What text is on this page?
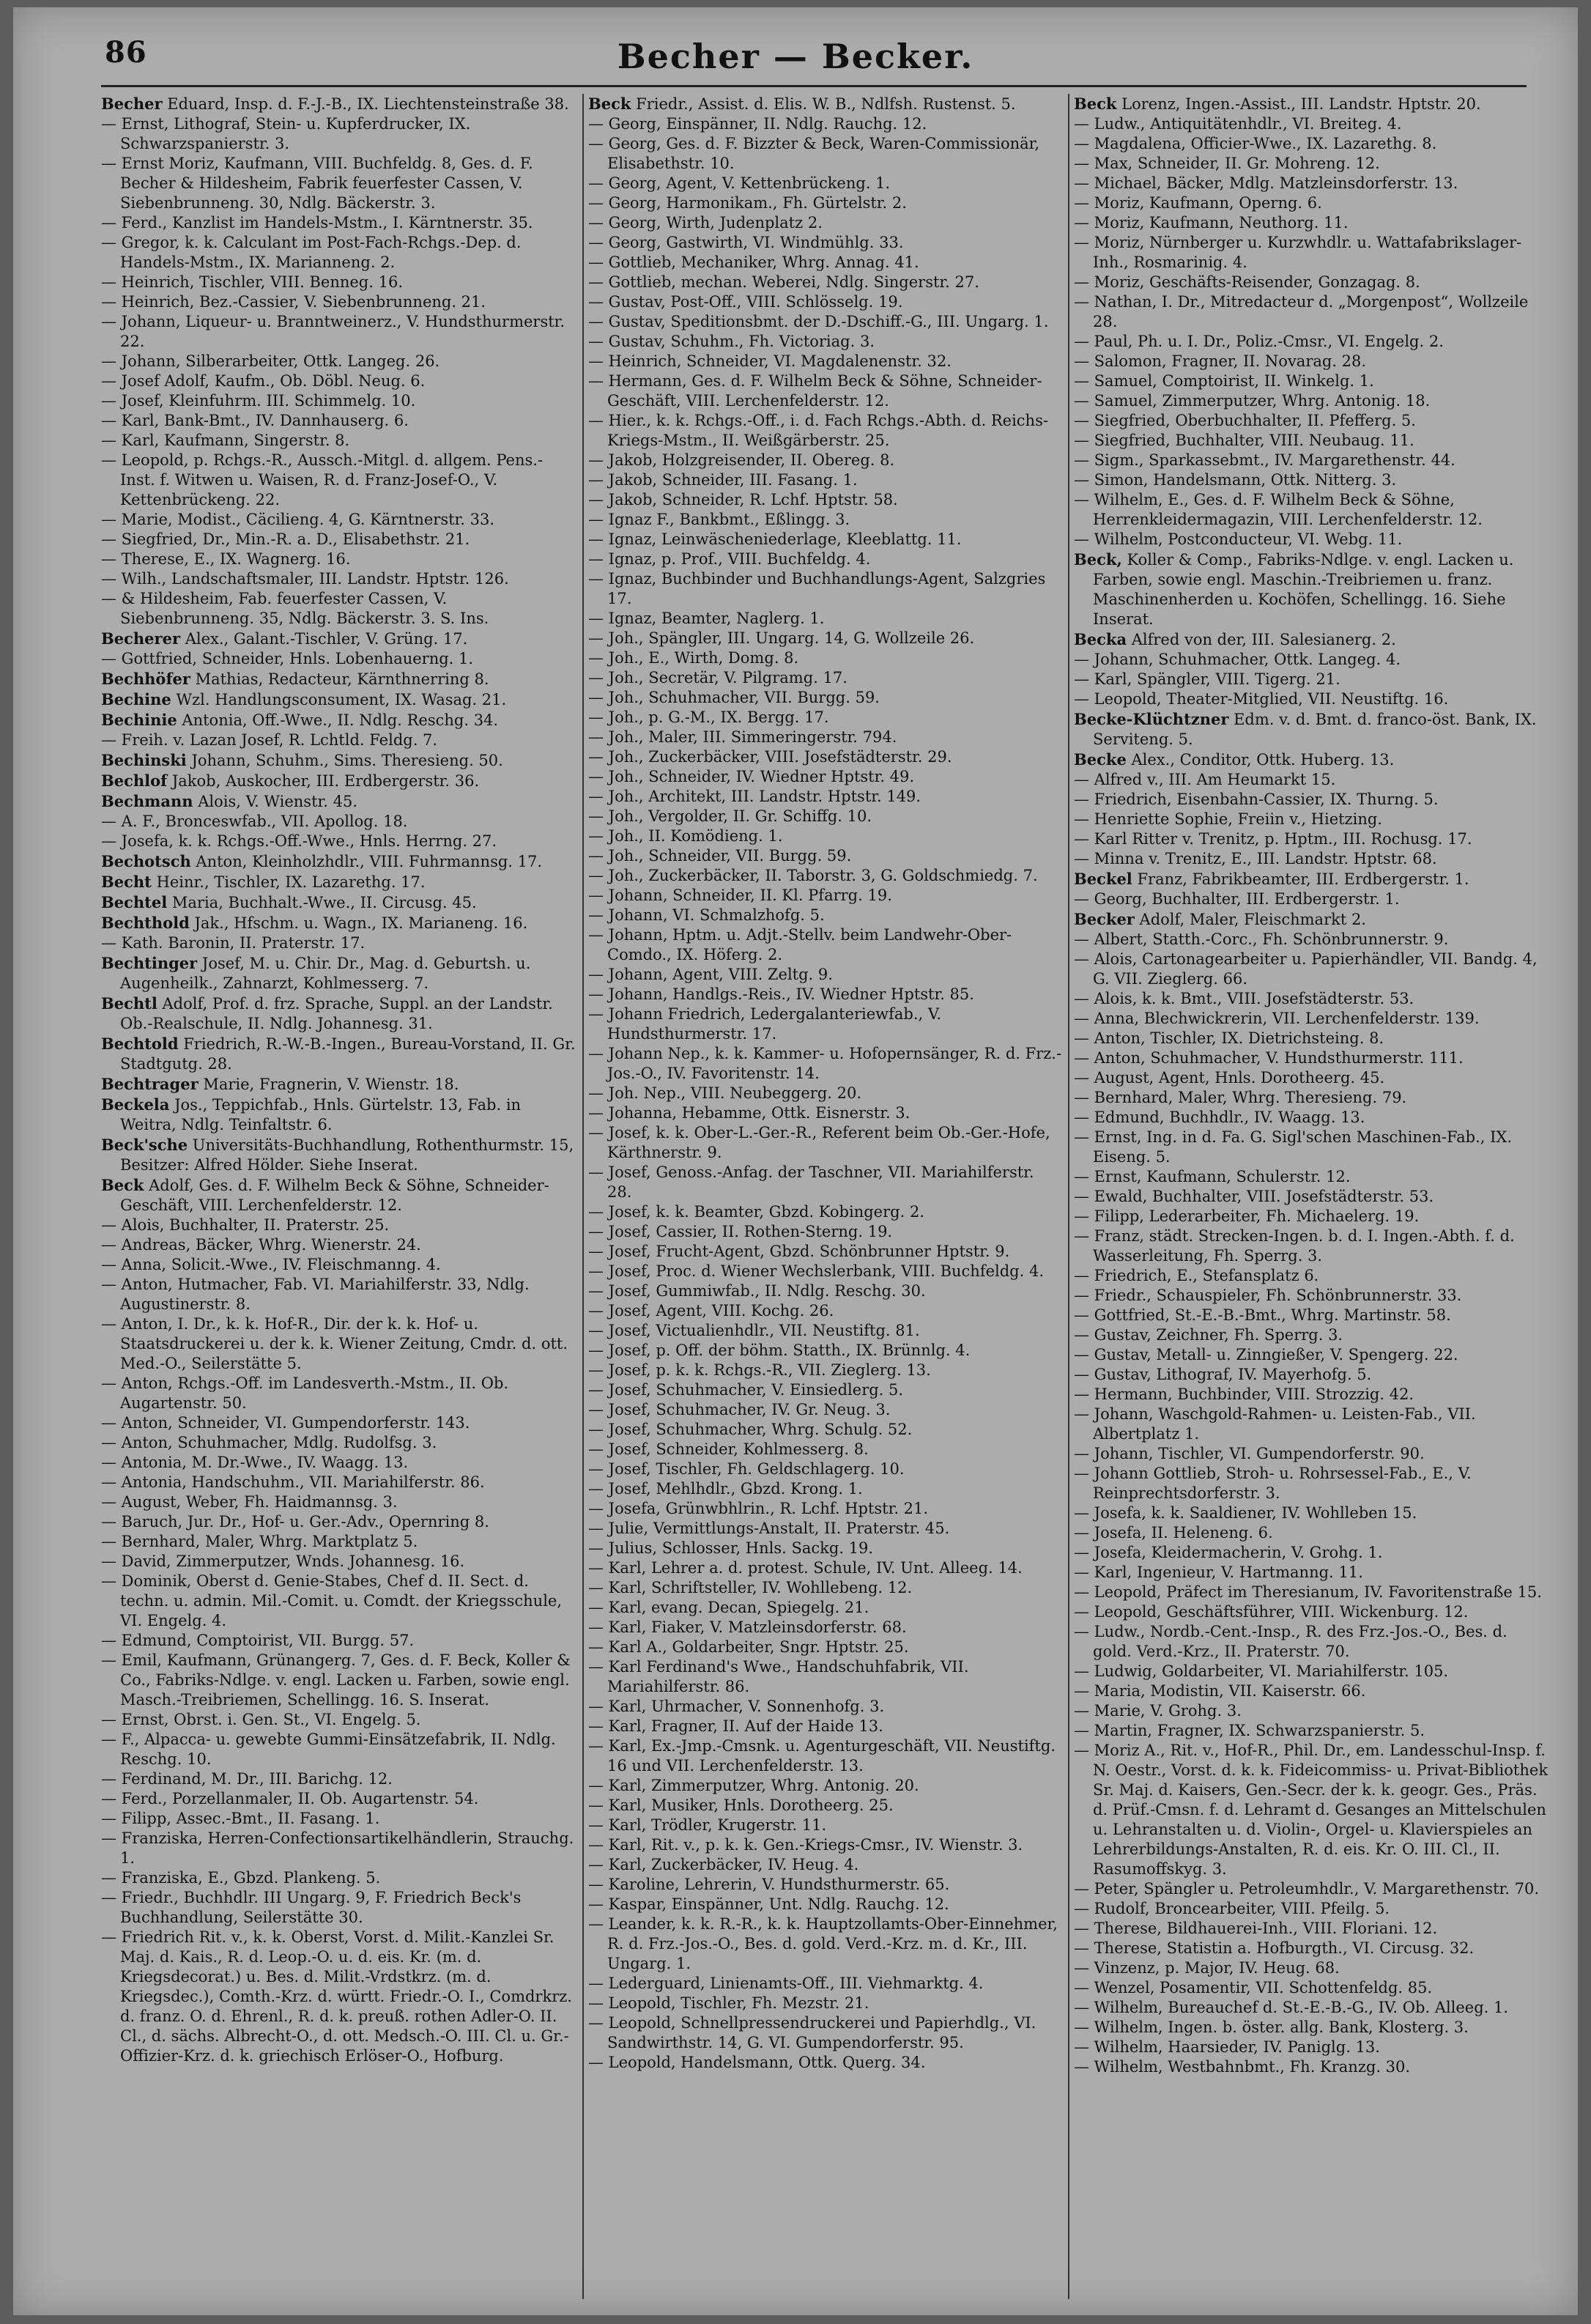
86	Becher — Becker.

Becher Eduard, Insp. d. F.-J.-B., IX. Liechtensteinstraße 38.

— Ernst, Lithograf, Stein- u. Kupferdrucker, IX. Schwarzspanierstr. 3.

— Ernst Moriz, Kaufmann, VIII. Buchfeldg. 8, Ges. d. F. Becher & Hildesheim, Fabrik feuerfester Cassen, V. Siebenbrunneng. 30, Ndlg. Bäckerstr. 3.

— Ferd., Kanzlist im Handels-Mstm., I. Kärntnerstr. 35.

— Gregor, k. k. Calculant im Post-Fach-Rchgs.-Dep. d. Handels-Mstm., IX. Marianneng. 2.

— Heinrich, Tischler, VIII. Benneg. 16.

— Heinrich, Bez.-Cassier, V. Siebenbrunneng. 21.

— Johann, Liqueur- u. Branntweinerz., V. Hundsthurmerstr. 22.

— Johann, Silberarbeiter, Ottk. Langeg. 26.

— Josef Adolf, Kaufm., Ob. Döbl. Neug. 6.

— Josef, Kleinfuhrm. III. Schimmelg. 10.

— Karl, Bank-Bmt., IV. Dannhauserg. 6.

— Karl, Kaufmann, Singerstr. 8.

— Leopold, p. Rchgs.-R., Aussch.-Mitgl. d. allgem. Pens.-Inst. f. Witwen u. Waisen, R. d. Franz-Josef-O., V. Kettenbrückeng. 22.

— Marie, Modist., Cäcilieng. 4, G. Kärntnerstr. 33.

— Siegfried, Dr., Min.-R. a. D., Elisabethstr. 21.

— Therese, E., IX. Wagnerg. 16.

— Wilh., Landschaftsmaler, III. Landstr. Hptstr. 126.

— & Hildesheim, Fab. feuerfester Cassen, V. Siebenbrunneng. 35, Ndlg. Bäckerstr. 3. S. Ins.

Becherer Alex., Galant.-Tischler, V. Grüng. 17.

— Gottfried, Schneider, Hnls. Lobenhauerng. 1.

Bechhöfer Mathias, Redacteur, Kärnthnerring 8.

Bechine Wzl. Handlungsconsument, IX. Wasag. 21.

Bechinie Antonia, Off.-Wwe., II. Ndlg. Reschg. 34.

— Freih. v. Lazan Josef, R. Lchtld. Feldg. 7.

Bechinski Johann, Schuhm., Sims. Theresieng. 50.

Bechlof Jakob, Auskocher, III. Erdbergerstr. 36.

Bechmann Alois, V. Wienstr. 45.

— A. F., Bronceswfab., VII. Apollog. 18.

— Josefa, k. k. Rchgs.-Off.-Wwe., Hnls. Herrng. 27.

Bechotsch Anton, Kleinholzhdlr., VIII. Fuhrmannsg. 17.

Becht Heinr., Tischler, IX. Lazarethg. 17.

Bechtel Maria, Buchhalt.-Wwe., II. Circusg. 45.

Bechthold Jak., Hfschm. u. Wagn., IX. Marianeng. 16.

— Kath. Baronin, II. Praterstr. 17.

Bechtinger Josef, M. u. Chir. Dr., Mag. d. Geburtsh. u. Augenheilk., Zahnarzt, Kohlmesserg. 7.

Bechtl Adolf, Prof. d. frz. Sprache, Suppl. an der Landstr. Ob.-Realschule, II. Ndlg. Johannesg. 31.

Bechtold Friedrich, R.-W.-B.-Ingen., Bureau-Vorstand, II. Gr. Stadtgutg. 28.

Bechtrager Marie, Fragnerin, V. Wienstr. 18.

Beckela Jos., Teppichfab., Hnls. Gürtelstr. 13, Fab. in Weitra, Ndlg. Teinfaltstr. 6.

Beck'sche Universitäts-Buchhandlung, Rothenthurmstr. 15, Besitzer: Alfred Hölder. Siehe Inserat.

Beck Adolf, Ges. d. F. Wilhelm Beck & Söhne, Schneider-Geschäft, VIII. Lerchenfelderstr. 12.

— Alois, Buchhalter, II. Praterstr. 25.

— Andreas, Bäcker, Whrg. Wienerstr. 24.

— Anna, Solicit.-Wwe., IV. Fleischmanng. 4.

— Anton, Hutmacher, Fab. VI. Mariahilferstr. 33, Ndlg. Augustinerstr. 8.

— Anton, I. Dr., k. k. Hof-R., Dir. der k. k. Hof- u. Staatsdruckerei u. der k. k. Wiener Zeitung, Cmdr. d. ott. Med.-O., Seilerstätte 5.

— Anton, Rchgs.-Off. im Landesverth.-Mstm., II. Ob. Augartenstr. 50.

— Anton, Schneider, VI. Gumpendorferstr. 143.

— Anton, Schuhmacher, Mdlg. Rudolfsg. 3.

— Antonia, M. Dr.-Wwe., IV. Waagg. 13.

— Antonia, Handschuhm., VII. Mariahilferstr. 86.

— August, Weber, Fh. Haidmannsg. 3.

— Baruch, Jur. Dr., Hof- u. Ger.-Adv., Opernring 8.

— Bernhard, Maler, Whrg. Marktplatz 5.

— David, Zimmerputzer, Wnds. Johannesg. 16.

— Dominik, Oberst d. Genie-Stabes, Chef d. II. Sect. d. techn. u. admin. Mil.-Comit. u. Comdt. der Kriegsschule, VI. Engelg. 4.

— Edmund, Comptoirist, VII. Burgg. 57.

— Emil, Kaufmann, Grünangerg. 7, Ges. d. F. Beck, Koller & Co., Fabriks-Ndlge. v. engl. Lacken u. Farben, sowie engl. Masch.-Treibriemen, Schellingg. 16. S. Inserat.

— Ernst, Obrst. i. Gen. St., VI. Engelg. 5.

— F., Alpacca- u. gewebte Gummi-Einsätzefabrik, II. Ndlg. Reschg. 10.

— Ferdinand, M. Dr., III. Barichg. 12.

— Ferd., Porzellanmaler, II. Ob. Augartenstr. 54.

— Filipp, Assec.-Bmt., II. Fasang. 1.

— Franziska, Herren-Confectionsartikelhändlerin, Strauchg. 1.

— Franziska, E., Gbzd. Plankeng. 5.

— Friedr., Buchhdlr. III Ungarg. 9, F. Friedrich Beck's Buchhandlung, Seilerstätte 30.

— Friedrich Rit. v., k. k. Oberst, Vorst. d. Milit.-Kanzlei Sr. Maj. d. Kais., R. d. Leop.-O. u. d. eis. Kr. (m. d. Kriegsdecorat.) u. Bes. d. Milit.-Vrdstkrz. (m. d. Kriegsdec.), Comth.-Krz. d. württ. Friedr.-O. I., Comdrkrz. d. franz. O. d. Ehrenl., R. d. k. preuß. rothen Adler-O. II. Cl., d. sächs. Albrecht-O., d. ott. Medsch.-O. III. Cl. u. Gr.-Offizier-Krz. d. k. griechisch Erlöser-O., Hofburg.

Beck Friedr., Assist. d. Elis. W. B., Ndlfsh. Rustenst. 5.

— Georg, Einspänner, II. Ndlg. Rauchg. 12.

— Georg, Ges. d. F. Bizzter & Beck, Waren-Commissionär, Elisabethstr. 10.

— Georg, Agent, V. Kettenbrückeng. 1.

— Georg, Harmonikam., Fh. Gürtelstr. 2.

— Georg, Wirth, Judenplatz 2.

— Georg, Gastwirth, VI. Windmühlg. 33.

— Gottlieb, Mechaniker, Whrg. Annag. 41.

— Gottlieb, mechan. Weberei, Ndlg. Singerstr. 27.

— Gustav, Post-Off., VIII. Schlösselg. 19.

— Gustav, Speditionsbmt. der D.-Dschiff.-G., III. Ungarg. 1.

— Gustav, Schuhm., Fh. Victoriag. 3.

— Heinrich, Schneider, VI. Magdalenenstr. 32.

— Hermann, Ges. d. F. Wilhelm Beck & Söhne, Schneider-Geschäft, VIII. Lerchenfelderstr. 12.

— Hier., k. k. Rchgs.-Off., i. d. Fach Rchgs.-Abth. d. Reichs-Kriegs-Mstm., II. Weißgärberstr. 25.

— Jakob, Holzgreisender, II. Obereg. 8.

— Jakob, Schneider, III. Fasang. 1.

— Jakob, Schneider, R. Lchf. Hptstr. 58.

— Ignaz F., Bankbmt., Eßlingg. 3.

— Ignaz, Leinwäscheniederlage, Kleeblattg. 11.

— Ignaz, p. Prof., VIII. Buchfeldg. 4.

— Ignaz, Buchbinder und Buchhandlungs-Agent, Salzgries 17.

— Ignaz, Beamter, Naglerg. 1.

— Joh., Spängler, III. Ungarg. 14, G. Wollzeile 26.

— Joh., E., Wirth, Domg. 8.

— Joh., Secretär, V. Pilgramg. 17.

— Joh., Schuhmacher, VII. Burgg. 59.

— Joh., p. G.-M., IX. Bergg. 17.

— Joh., Maler, III. Simmeringerstr. 794.

— Joh., Zuckerbäcker, VIII. Josefstädterstr. 29.

— Joh., Schneider, IV. Wiedner Hptstr. 49.

— Joh., Architekt, III. Landstr. Hptstr. 149.

— Joh., Vergolder, II. Gr. Schiffg. 10.

— Joh., II. Komödieng. 1.

— Joh., Schneider, VII. Burgg. 59.

— Joh., Zuckerbäcker, II. Taborstr. 3, G. Goldschmiedg. 7.

— Johann, Schneider, II. Kl. Pfarrg. 19.

— Johann, VI. Schmalzhofg. 5.

— Johann, Hptm. u. Adjt.-Stellv. beim Landwehr-Ober-Comdo., IX. Höferg. 2.

— Johann, Agent, VIII. Zeltg. 9.

— Johann, Handlgs.-Reis., IV. Wiedner Hptstr. 85.

— Johann Friedrich, Ledergalanteriewfab., V. Hundsthurmerstr. 17.

— Johann Nep., k. k. Kammer- u. Hofopernsänger, R. d. Frz.-Jos.-O., IV. Favoritenstr. 14.

— Joh. Nep., VIII. Neubeggerg. 20.

— Johanna, Hebamme, Ottk. Eisnerstr. 3.

— Josef, k. k. Ober-L.-Ger.-R., Referent beim Ob.-Ger.-Hofe, Kärthnerstr. 9.

— Josef, Genoss.-Anfag. der Taschner, VII. Mariahilferstr. 28.

— Josef, k. k. Beamter, Gbzd. Kobingerg. 2.

— Josef, Cassier, II. Rothen-Sterng. 19.

— Josef, Frucht-Agent, Gbzd. Schönbrunner Hptstr. 9.

— Josef, Proc. d. Wiener Wechslerbank, VIII. Buchfeldg. 4.

— Josef, Gummiwfab., II. Ndlg. Reschg. 30.

— Josef, Agent, VIII. Kochg. 26.

— Josef, Victualienhdlr., VII. Neustiftg. 81.

— Josef, p. Off. der böhm. Statth., IX. Brünnlg. 4.

— Josef, p. k. k. Rchgs.-R., VII. Zieglerg. 13.

— Josef, Schuhmacher, V. Einsiedlerg. 5.

— Josef, Schuhmacher, IV. Gr. Neug. 3.

— Josef, Schuhmacher, Whrg. Schulg. 52.

— Josef, Schneider, Kohlmesserg. 8.

— Josef, Tischler, Fh. Geldschlagerg. 10.

— Josef, Mehlhdlr., Gbzd. Krong. 1.

— Josefa, Grünwbhlrin., R. Lchf. Hptstr. 21.

— Julie, Vermittlungs-Anstalt, II. Praterstr. 45.

— Julius, Schlosser, Hnls. Sackg. 19.

— Karl, Lehrer a. d. protest. Schule, IV. Unt. Alleeg. 14.

— Karl, Schriftsteller, IV. Wohllebeng. 12.

— Karl, evang. Decan, Spiegelg. 21.

— Karl, Fiaker, V. Matzleinsdorferstr. 68.

— Karl A., Goldarbeiter, Sngr. Hptstr. 25.

— Karl Ferdinand's Wwe., Handschuhfabrik, VII. Mariahilferstr. 86.

— Karl, Uhrmacher, V. Sonnenhofg. 3.

— Karl, Fragner, II. Auf der Haide 13.

— Karl, Ex.-Jmp.-Cmsnk. u. Agenturgeschäft, VII. Neustiftg. 16 und VII. Lerchenfelderstr. 13.

— Karl, Zimmerputzer, Whrg. Antonig. 20.

— Karl, Musiker, Hnls. Dorotheerg. 25.

— Karl, Trödler, Krugerstr. 11.

— Karl, Rit. v., p. k. k. Gen.-Kriegs-Cmsr., IV. Wienstr. 3.

— Karl, Zuckerbäcker, IV. Heug. 4.

— Karoline, Lehrerin, V. Hundsthurmerstr. 65.

— Kaspar, Einspänner, Unt. Ndlg. Rauchg. 12.

— Leander, k. k. R.-R., k. k. Hauptzollamts-Ober-Einnehmer, R. d. Frz.-Jos.-O., Bes. d. gold. Verd.-Krz. m. d. Kr., III. Ungarg. 1.

— Lederguard, Linienamts-Off., III. Viehmarktg. 4.

— Leopold, Tischler, Fh. Mezstr. 21.

— Leopold, Schnellpressendruckerei und Papierhdlg., VI. Sandwirthstr. 14, G. VI. Gumpendorferstr. 95.

— Leopold, Handelsmann, Ottk. Querg. 34.

Beck Lorenz, Ingen.-Assist., III. Landstr. Hptstr. 20.

— Ludw., Antiquitätenhdlr., VI. Breiteg. 4.

— Magdalena, Officier-Wwe., IX. Lazarethg. 8.

— Max, Schneider, II. Gr. Mohreng. 12.

— Michael, Bäcker, Mdlg. Matzleinsdorferstr. 13.

— Moriz, Kaufmann, Operng. 6.

— Moriz, Kaufmann, Neuthorg. 11.

— Moriz, Nürnberger u. Kurzwhdlr. u. Wattafabrikslager-Inh., Rosmarinig. 4.

— Moriz, Geschäfts-Reisender, Gonzagag. 8.

— Nathan, I. Dr., Mitredacteur d. „Morgenpost“, Wollzeile 28.

— Paul, Ph. u. I. Dr., Poliz.-Cmsr., VI. Engelg. 2.

— Salomon, Fragner, II. Novarag. 28.

— Samuel, Comptoirist, II. Winkelg. 1.

— Samuel, Zimmerputzer, Whrg. Antonig. 18.

— Siegfried, Oberbuchhalter, II. Pfefferg. 5.

— Siegfried, Buchhalter, VIII. Neubaug. 11.

— Sigm., Sparkassebmt., IV. Margarethenstr. 44.

— Simon, Handelsmann, Ottk. Nitterg. 3.

— Wilhelm, E., Ges. d. F. Wilhelm Beck & Söhne, Herrenkleidermagazin, VIII. Lerchenfelderstr. 12.

— Wilhelm, Postconducteur, VI. Webg. 11.

Beck, Koller & Comp., Fabriks-Ndlge. v. engl. Lacken u. Farben, sowie engl. Maschin.-Treibriemen u. franz. Maschinenherden u. Kochöfen, Schellingg. 16. Siehe Inserat.

Becka Alfred von der, III. Salesianerg. 2.

— Johann, Schuhmacher, Ottk. Langeg. 4.

— Karl, Spängler, VIII. Tigerg. 21.

— Leopold, Theater-Mitglied, VII. Neustiftg. 16.

Becke-Klüchtzner Edm. v. d. Bmt. d. franco-öst. Bank, IX. Serviteng. 5.

Becke Alex., Conditor, Ottk. Huberg. 13.

— Alfred v., III. Am Heumarkt 15.

— Friedrich, Eisenbahn-Cassier, IX. Thurng. 5.

— Henriette Sophie, Freiin v., Hietzing.

— Karl Ritter v. Trenitz, p. Hptm., III. Rochusg. 17.

— Minna v. Trenitz, E., III. Landstr. Hptstr. 68.

Beckel Franz, Fabrikbeamter, III. Erdbergerstr. 1.

— Georg, Buchhalter, III. Erdbergerstr. 1.

Becker Adolf, Maler, Fleischmarkt 2.

— Albert, Statth.-Corc., Fh. Schönbrunnerstr. 9.

— Alois, Cartonagearbeiter u. Papierhändler, VII. Bandg. 4, G. VII. Zieglerg. 66.

— Alois, k. k. Bmt., VIII. Josefstädterstr. 53.

— Anna, Blechwickrerin, VII. Lerchenfelderstr. 139.

— Anton, Tischler, IX. Dietrichsteing. 8.

— Anton, Schuhmacher, V. Hundsthurmerstr. 111.

— August, Agent, Hnls. Dorotheerg. 45.

— Bernhard, Maler, Whrg. Theresieng. 79.

— Edmund, Buchhdlr., IV. Waagg. 13.

— Ernst, Ing. in d. Fa. G. Sigl'schen Maschinen-Fab., IX. Eiseng. 5.

— Ernst, Kaufmann, Schulerstr. 12.

— Ewald, Buchhalter, VIII. Josefstädterstr. 53.

— Filipp, Lederarbeiter, Fh. Michaelerg. 19.

— Franz, städt. Strecken-Ingen. b. d. I. Ingen.-Abth. f. d. Wasserleitung, Fh. Sperrg. 3.

— Friedrich, E., Stefansplatz 6.

— Friedr., Schauspieler, Fh. Schönbrunnerstr. 33.

— Gottfried, St.-E.-B.-Bmt., Whrg. Martinstr. 58.

— Gustav, Zeichner, Fh. Sperrg. 3.

— Gustav, Metall- u. Zinngießer, V. Spengerg. 22.

— Gustav, Lithograf, IV. Mayerhofg. 5.

— Hermann, Buchbinder, VIII. Strozzig. 42.

— Johann, Waschgold-Rahmen- u. Leisten-Fab., VII. Albertplatz 1.

— Johann, Tischler, VI. Gumpendorferstr. 90.

— Johann Gottlieb, Stroh- u. Rohrsessel-Fab., E., V. Reinprechtsdorferstr. 3.

— Josefa, k. k. Saaldiener, IV. Wohlleben 15.

— Josefa, II. Heleneng. 6.

— Josefa, Kleidermacherin, V. Grohg. 1.

— Karl, Ingenieur, V. Hartmanng. 11.

— Leopold, Präfect im Theresianum, IV. Favoritenstraße 15.

— Leopold, Geschäftsführer, VIII. Wickenburg. 12.

— Ludw., Nordb.-Cent.-Insp., R. des Frz.-Jos.-O., Bes. d. gold. Verd.-Krz., II. Praterstr. 70.

— Ludwig, Goldarbeiter, VI. Mariahilferstr. 105.

— Maria, Modistin, VII. Kaiserstr. 66.

— Marie, V. Grohg. 3.

— Martin, Fragner, IX. Schwarzspanierstr. 5.

— Moriz A., Rit. v., Hof-R., Phil. Dr., em. Landesschul-Insp. f. N. Oestr., Vorst. d. k. k. Fideicommiss- u. Privat-Bibliothek Sr. Maj. d. Kaisers, Gen.-Secr. der k. k. geogr. Ges., Präs. d. Prüf.-Cmsn. f. d. Lehramt d. Gesanges an Mittelschulen u. Lehranstalten u. d. Violin-, Orgel- u. Klavierspieles an Lehrerbildungs-Anstalten, R. d. eis. Kr. O. III. Cl., II. Rasumoffskyg. 3.

— Peter, Spängler u. Petroleumhdlr., V. Margarethenstr. 70.

— Rudolf, Broncearbeiter, VIII. Pfeilg. 5.

— Therese, Bildhauerei-Inh., VIII. Floriani. 12.

— Therese, Statistin a. Hofburgth., VI. Circusg. 32.

— Vinzenz, p. Major, IV. Heug. 68.

— Wenzel, Posamentir, VII. Schottenfeldg. 85.

— Wilhelm, Bureauchef d. St.-E.-B.-G., IV. Ob. Alleeg. 1.

— Wilhelm, Ingen. b. öster. allg. Bank, Klosterg. 3.

— Wilhelm, Haarsieder, IV. Paniglg. 13.

— Wilhelm, Westbahnbmt., Fh. Kranzg. 30.
